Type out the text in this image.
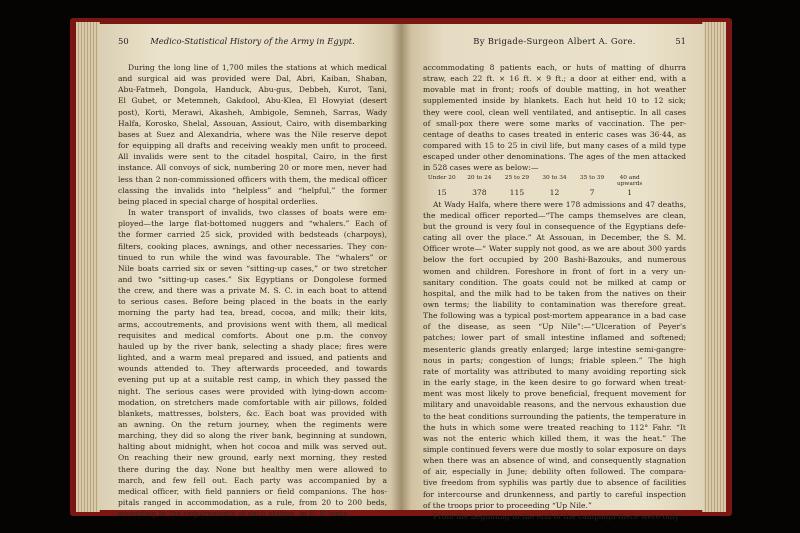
50	Medico-Statistical History of the Army in Egypt.
During the long line of 1,700 miles the stations at which medical
and surgical aid was provided were Dal, Abri, Kaiban, Shaban,
Abu-Fatmeh, Dongola, Handuck, Abu-gus, Debbeh, Kurot, Tani,
El Gubet, or Metemneh, Gakdool, Abu-Klea, El Howyiat (desert
post), Korti, Merawi, Akasheh, Ambigole, Semneh, Sarras, Wady
Halfa, Korosko, Shelal, Assouan, Assiout, Cairo, with disembarking
bases at Suez and Alexandria, where was the Nile reserve depot
for equipping all drafts and receiving weakly men unfit to proceed.
All invalids were sent to the citadel hospital, Cairo, in the first
instance. All convoys of sick, numbering 20 or more men, never had
less than 2 non-commissioned officers with them, the medical officer
classing the invalids into “helpless” and “helpful,” the former
being placed in special charge of hospital orderlies.
In water transport of invalids, two classes of boats were em-
ployed—the large flat-bottomed nuggers and “whalers.” Each of
the former carried 25 sick, provided with bedsteads (charpoys),
filters, cooking places, awnings, and other necessaries. They con-
tinued to run while the wind was favourable. The “whalers” or
Nile boats carried six or seven “sitting-up cases,” or two stretcher
and two “sitting-up cases.” Six Egyptians or Dongolese formed
the crew, and there was a private M. S. C. in each boat to attend
to serious cases. Before being placed in the boats in the early
morning the party had tea, bread, cocoa, and milk; their kits,
arms, accoutrements, and provisions went with them, all medical
requisites and medical comforts. About one p.m. the convoy
hauled up by the river bank, selecting a shady place; fires were
lighted, and a warm meal prepared and issued, and patients and
wounds attended to. They afterwards proceeded, and towards
evening put up at a suitable rest camp, in which they passed the
night. The serious cases were provided with lying-down accom-
modation, on stretchers made comfortable with air pillows, folded
blankets, mattresses, bolsters, &c. Each boat was provided with
an awning. On the return journey, when the regiments were
marching, they did so along the river bank, beginning at sundown,
halting about midnight, when hot cocoa and milk was served out.
On reaching their new ground, early next morning, they rested
there during the day. None but healthy men were allowed to
march, and few fell out. Each party was accompanied by a
medical officer, with field panniers or field companions. The hos-
pitals ranged in accommodation, as a rule, from 20 to 200 beds,
according to the requirements of each station, in E. P. tents,
By Brigade-Surgeon Albert A. Gore.	51
accommodating 8 patients each, or huts of matting of dhurra
straw, each 22 ft. × 16 ft. × 9 ft.; a door at either end, with a
movable mat in front; roofs of double matting, in hot weather
supplemented inside by blankets. Each hut held 10 to 12 sick;
they were cool, clean well ventilated, and antiseptic. In all cases
of small-pox there were some marks of vaccination. The per-
centage of deaths to cases treated in enteric cases was 36·44, as
compared with 15 to 25 in civil life, but many cases of a mild type
escaped under other denominations. The ages of the men attacked
in 528 cases were as below:—
Under 20	20 to 24	25 to 29	30 to 34	35 to 39	40 and upwards
15	378	115	12	7	1
At Wady Halfa, where there were 178 admissions and 47 deaths,
the medical officer reported—“The camps themselves are clean,
but the ground is very foul in consequence of the Egyptians defe-
cating all over the place.” At Assouan, in December, the S. M.
Officer wrote—“ Water supply not good, as we are about 300 yards
below the fort occupied by 200 Bashi-Bazouks, and numerous
women and children. Foreshore in front of fort in a very un-
sanitary condition. The goats could not be milked at camp or
hospital, and the milk had to be taken from the natives on their
own terms; the liability to contamination was therefore great.
The following was a typical post-mortem appearance in a bad case
of the disease, as seen “Up Nile”:—“Ulceration of Peyer's
patches; lower part of small intestine inflamed and softened;
mesenteric glands greatly enlarged; large intestine semi-gangre-
nous in parts; congestion of lungs; friable spleen.” The high
rate of mortality was attributed to many avoiding reporting sick
in the early stage, in the keen desire to go forward when treat-
ment was most likely to prove beneficial, frequent movement for
military and unavoidable reasons, and the nervous exhaustion due
to the heat conditions surrounding the patients, the temperature in
the huts in which some were treated reaching to 112° Fahr. “It
was not the enteric which killed them, it was the heat.” The
simple continued fevers were due mostly to solar exposure on days
when there was an absence of wind, and consequently stagnation
of air, especially in June; debility often followed. The compara-
tive freedom from syphilis was partly due to absence of facilities
for intercourse and drunkenness, and partly to careful inspection
of the troops prior to proceeding “Up Nile.”
From the beginning to the end of the campaign there were only
